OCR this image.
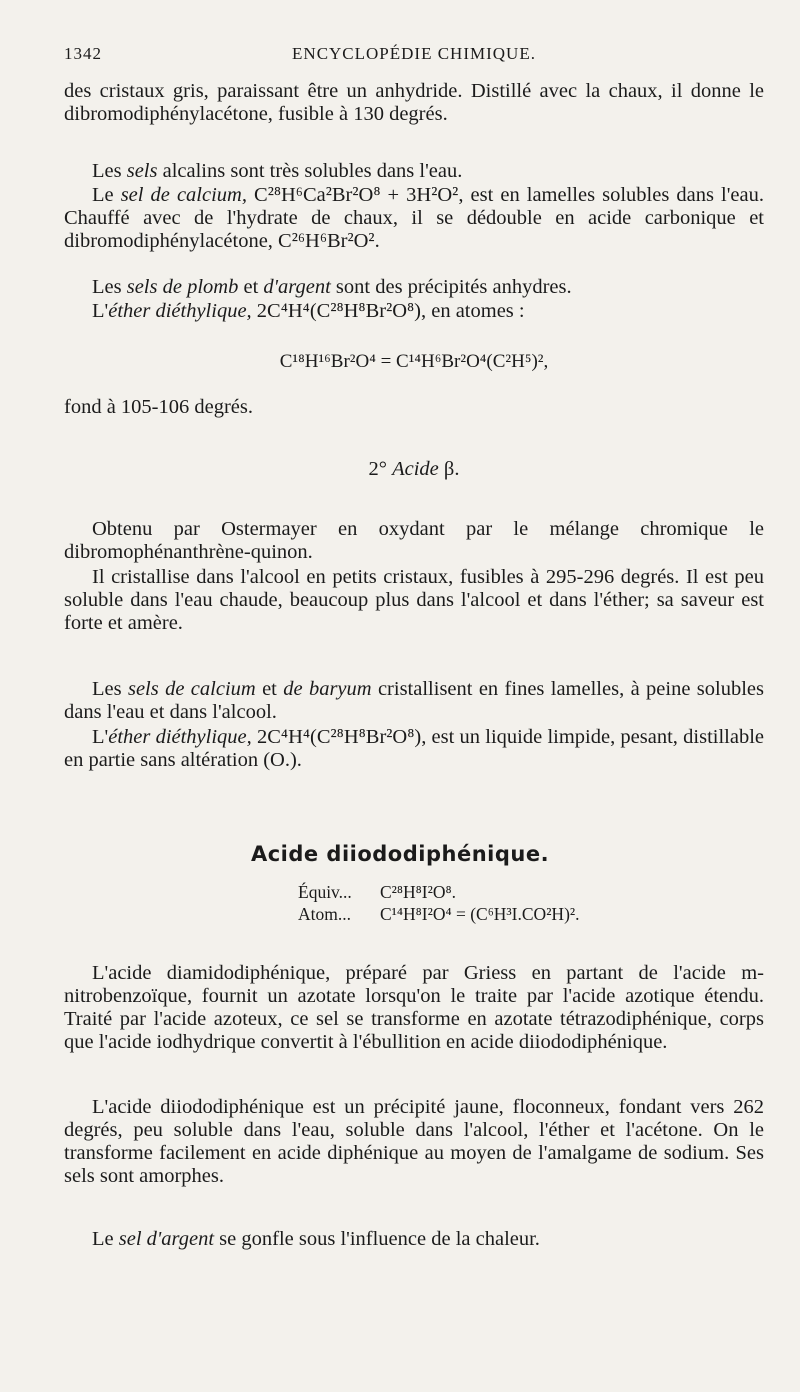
1342	ENCYCLOPÉDIE CHIMIQUE.
des cristaux gris, paraissant être un anhydride. Distillé avec la chaux, il donne le dibromodiphénylacétone, fusible à 130 degrés.
Les sels alcalins sont très solubles dans l'eau.
Le sel de calcium, C²⁸H⁶Ca²Br²O⁸ + 3H²O², est en lamelles solubles dans l'eau. Chauffé avec de l'hydrate de chaux, il se dédouble en acide carbonique et dibromodiphénylacétone, C²⁶H⁶Br²O².
Les sels de plomb et d'argent sont des précipités anhydres.
L'éther diéthylique, 2C⁴H⁴(C²⁸H⁸Br²O⁸), en atomes :
C¹⁸H¹⁶Br²O⁴ = C¹⁴H⁶Br²O⁴(C²H⁵)²,
fond à 105-106 degrés.
2° Acide β.
Obtenu par Ostermayer en oxydant par le mélange chromique le dibromophénanthrène-quinon.
Il cristallise dans l'alcool en petits cristaux, fusibles à 295-296 degrés. Il est peu soluble dans l'eau chaude, beaucoup plus dans l'alcool et dans l'éther; sa saveur est forte et amère.
Les sels de calcium et de baryum cristallisent en fines lamelles, à peine solubles dans l'eau et dans l'alcool.
L'éther diéthylique, 2C⁴H⁴(C²⁸H⁸Br²O⁸), est un liquide limpide, pesant, distillable en partie sans altération (O.).
Acide diiododiphénique.
Équiv... C²⁸H⁸I²O⁸.
Atom... C¹⁴H⁸I²O⁴ = (C⁶H³I.CO²H)².
L'acide diamidodiphénique, préparé par Griess en partant de l'acide m-nitrobenzoïque, fournit un azotate lorsqu'on le traite par l'acide azotique étendu. Traité par l'acide azoteux, ce sel se transforme en azotate tétrazodiphénique, corps que l'acide iodhydrique convertit à l'ébullition en acide diiododiphénique.
L'acide diiododiphénique est un précipité jaune, floconneux, fondant vers 262 degrés, peu soluble dans l'eau, soluble dans l'alcool, l'éther et l'acétone. On le transforme facilement en acide diphénique au moyen de l'amalgame de sodium. Ses sels sont amorphes.
Le sel d'argent se gonfle sous l'influence de la chaleur.
